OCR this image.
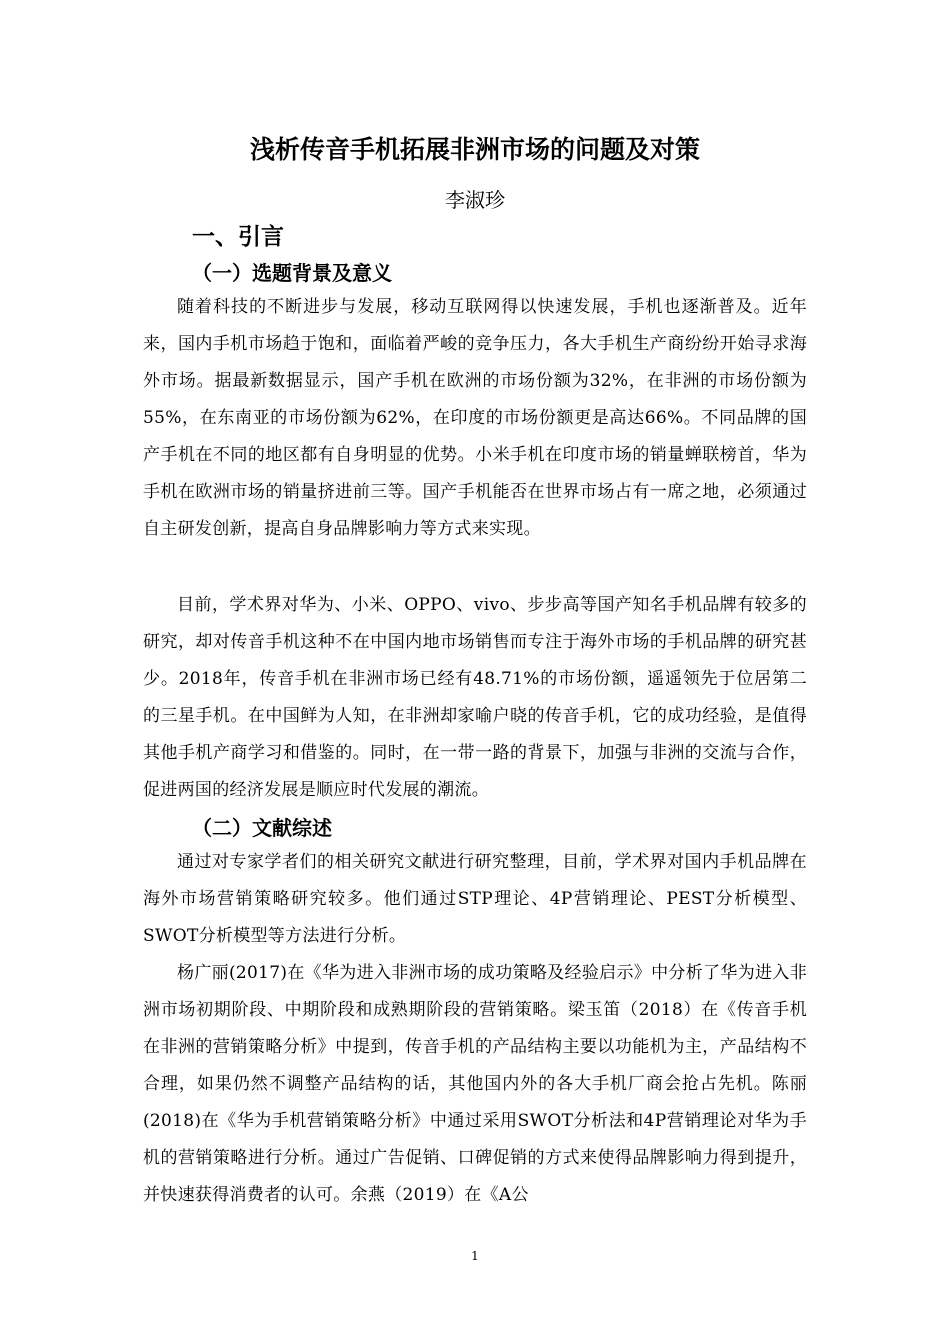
浅析传音手机拓展非洲市场的问题及对策
李淑珍
一、引言
（一）选题背景及意义

随着科技的不断进步与发展，移动互联网得以快速发展，手机也逐渐普及。近年来，国内手机市场趋于饱和，面临着严峻的竞争压力，各大手机生产商纷纷开始寻求海外市场。据最新数据显示，国产手机在欧洲的市场份额为32%，在非洲的市场份额为55%，在东南亚的市场份额为62%，在印度的市场份额更是高达66%。不同品牌的国产手机在不同的地区都有自身明显的优势。小米手机在印度市场的销量蝉联榜首，华为手机在欧洲市场的销量挤进前三等。国产手机能否在世界市场占有一席之地，必须通过自主研发创新，提高自身品牌影响力等方式来实现。

目前，学术界对华为、小米、OPPO、vivo、步步高等国产知名手机品牌有较多的研究，却对传音手机这种不在中国内地市场销售而专注于海外市场的手机品牌的研究甚少。2018年，传音手机在非洲市场已经有48.71%的市场份额，遥遥领先于位居第二的三星手机。在中国鲜为人知，在非洲却家喻户晓的传音手机，它的成功经验，是值得其他手机产商学习和借鉴的。同时，在一带一路的背景下，加强与非洲的交流与合作，促进两国的经济发展是顺应时代发展的潮流。

（二）文献综述

通过对专家学者们的相关研究文献进行研究整理，目前，学术界对国内手机品牌在海外市场营销策略研究较多。他们通过STP理论、4P营销理论、PEST分析模型、SWOT分析模型等方法进行分析。

杨广丽(2017)在《华为进入非洲市场的成功策略及经验启示》中分析了华为进入非洲市场初期阶段、中期阶段和成熟期阶段的营销策略。梁玉笛（2018）在《传音手机在非洲的营销策略分析》中提到，传音手机的产品结构主要以功能机为主，产品结构不合理，如果仍然不调整产品结构的话，其他国内外的各大手机厂商会抢占先机。陈丽(2018)在《华为手机营销策略分析》中通过采用SWOT分析法和4P营销理论对华为手机的营销策略进行分析。通过广告促销、口碑促销的方式来使得品牌影响力得到提升，并快速获得消费者的认可。余燕（2019）在《A公

1
